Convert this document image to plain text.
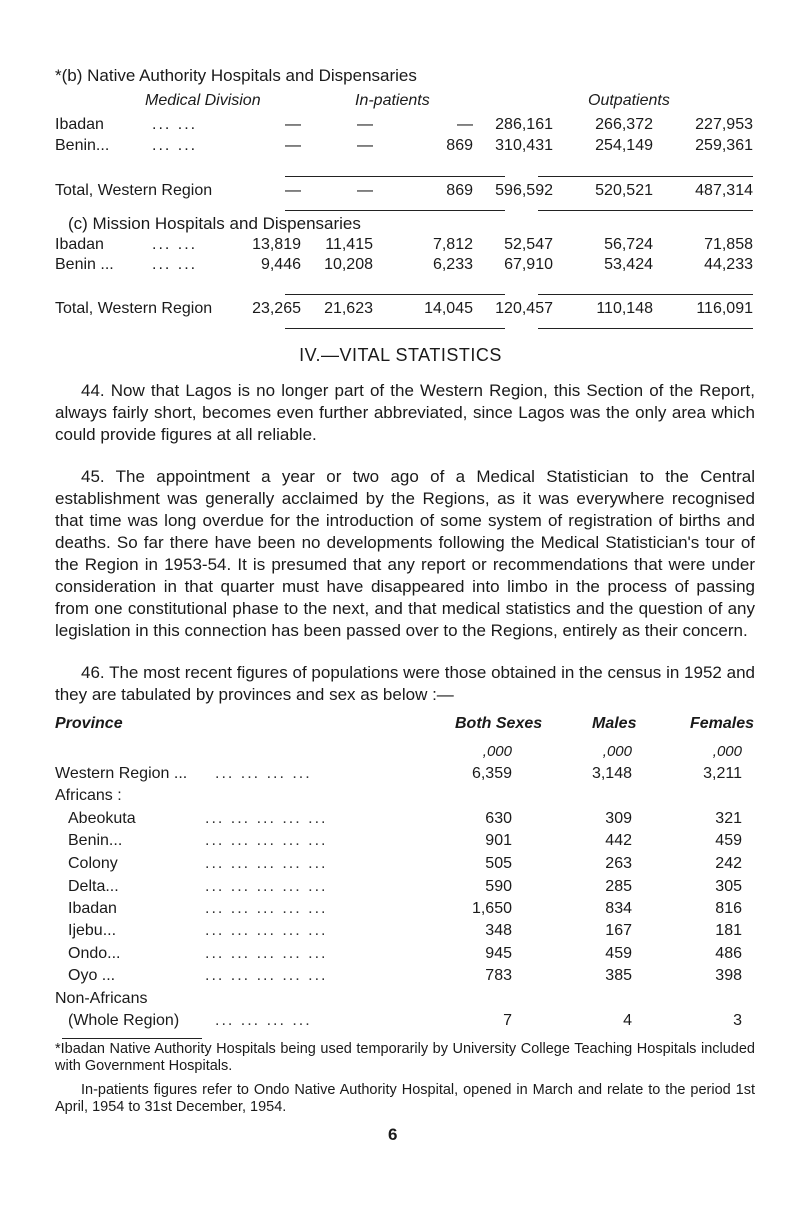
*(b) Native Authority Hospitals and Dispensaries
Medical Division	In-patients	Outpatients
Ibadan	... ...	—	—	—	286,161	266,372	227,953
Benin...	... ...	—	—	869	310,431	254,149	259,361
Total, Western Region	—	—	869	596,592	520,521	487,314
(c) Mission Hospitals and Dispensaries
Ibadan	... ...	13,819	11,415	7,812	52,547	56,724	71,858
Benin ... ... ...	9,446	10,208	6,233	67,910	53,424	44,233
Total, Western Region	23,265	21,623	14,045	120,457	110,148	116,091
IV.—VITAL STATISTICS

44. Now that Lagos is no longer part of the Western Region, this Section of the Report, always fairly short, becomes even further abbreviated, since Lagos was the only area which could provide figures at all reliable.

45. The appointment a year or two ago of a Medical Statistician to the Central establishment was generally acclaimed by the Regions, as it was everywhere recognised that time was long overdue for the introduction of some system of registration of births and deaths. So far there have been no developments following the Medical Statistician's tour of the Region in 1953-54. It is presumed that any report or recommendations that were under consideration in that quarter must have disappeared into limbo in the process of passing from one constitutional phase to the next, and that medical statistics and the question of any legislation in this connection has been passed over to the Regions, entirely as their concern.

46. The most recent figures of populations were those obtained in the census in 1952 and they are tabulated by provinces and sex as below :—

Province	Both Sexes	Males	Females
,000	,000	,000
Western Region ... ... ... ... ...	6,359	3,148	3,211
Africans :
Abeokuta	... ... ... ... ...	630	309	321
Benin...	... ... ... ... ...	901	442	459
Colony	... ... ... ... ...	505	263	242
Delta...	... ... ... ... ...	590	285	305
Ibadan	... ... ... ... ...	1,650	834	816
Ijebu...	... ... ... ... ...	348	167	181
Ondo...	... ... ... ... ...	945	459	486
Oyo ...	... ... ... ... ...	783	385	398
Non-Africans
(Whole Region) ... ... ... ...	7	4	3
*Ibadan Native Authority Hospitals being used temporarily by University College Teaching Hospitals included with Government Hospitals.
In-patients figures refer to Ondo Native Authority Hospital, opened in March and relate to the period 1st April, 1954 to 31st December, 1954.
6
